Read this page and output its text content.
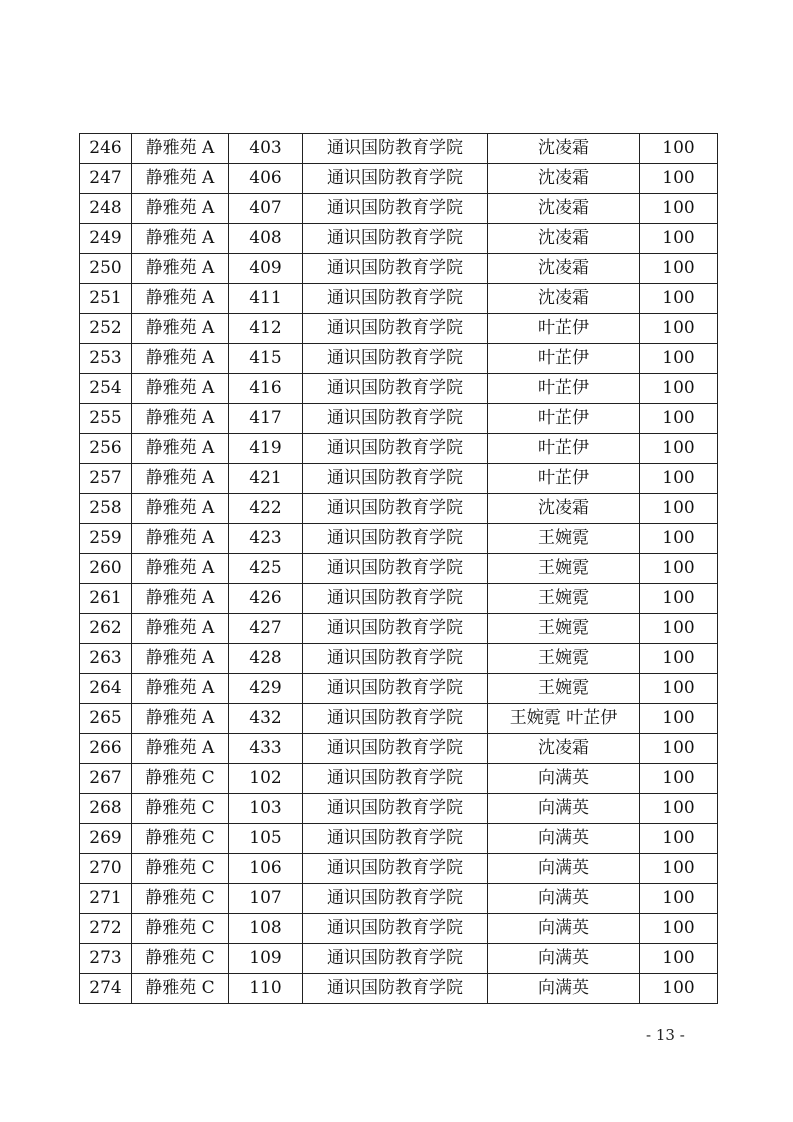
246	静雅苑 A	403	通识国防教育学院	沈凌霜	100
247	静雅苑 A	406	通识国防教育学院	沈凌霜	100
248	静雅苑 A	407	通识国防教育学院	沈凌霜	100
249	静雅苑 A	408	通识国防教育学院	沈凌霜	100
250	静雅苑 A	409	通识国防教育学院	沈凌霜	100
251	静雅苑 A	411	通识国防教育学院	沈凌霜	100
252	静雅苑 A	412	通识国防教育学院	叶芷伊	100
253	静雅苑 A	415	通识国防教育学院	叶芷伊	100
254	静雅苑 A	416	通识国防教育学院	叶芷伊	100
255	静雅苑 A	417	通识国防教育学院	叶芷伊	100
256	静雅苑 A	419	通识国防教育学院	叶芷伊	100
257	静雅苑 A	421	通识国防教育学院	叶芷伊	100
258	静雅苑 A	422	通识国防教育学院	沈凌霜	100
259	静雅苑 A	423	通识国防教育学院	王婉霓	100
260	静雅苑 A	425	通识国防教育学院	王婉霓	100
261	静雅苑 A	426	通识国防教育学院	王婉霓	100
262	静雅苑 A	427	通识国防教育学院	王婉霓	100
263	静雅苑 A	428	通识国防教育学院	王婉霓	100
264	静雅苑 A	429	通识国防教育学院	王婉霓	100
265	静雅苑 A	432	通识国防教育学院	王婉霓 叶芷伊	100
266	静雅苑 A	433	通识国防教育学院	沈凌霜	100
267	静雅苑 C	102	通识国防教育学院	向满英	100
268	静雅苑 C	103	通识国防教育学院	向满英	100
269	静雅苑 C	105	通识国防教育学院	向满英	100
270	静雅苑 C	106	通识国防教育学院	向满英	100
271	静雅苑 C	107	通识国防教育学院	向满英	100
272	静雅苑 C	108	通识国防教育学院	向满英	100
273	静雅苑 C	109	通识国防教育学院	向满英	100
274	静雅苑 C	110	通识国防教育学院	向满英	100
- 13 -
